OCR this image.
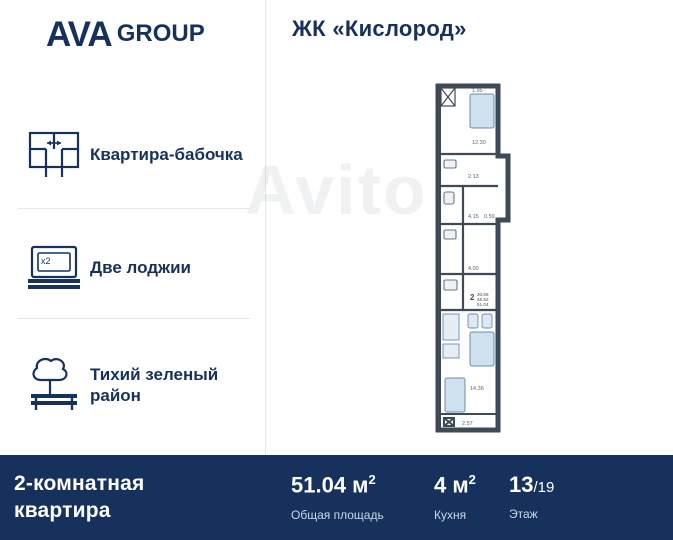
AVA GROUP
Квартира-бабочка
x2 Две лоджии
Тихий зеленый район
ЖК «Кислород»
Avito
1.95
12.30
2.13
4.15 0.59
4.00
14.36
2.57
2 20.66
46.52
51.04
2-комнатная
квартира
51.04 $м^2$
Общая площадь
4 $м^2$
Кухня
13/19
Этаж
